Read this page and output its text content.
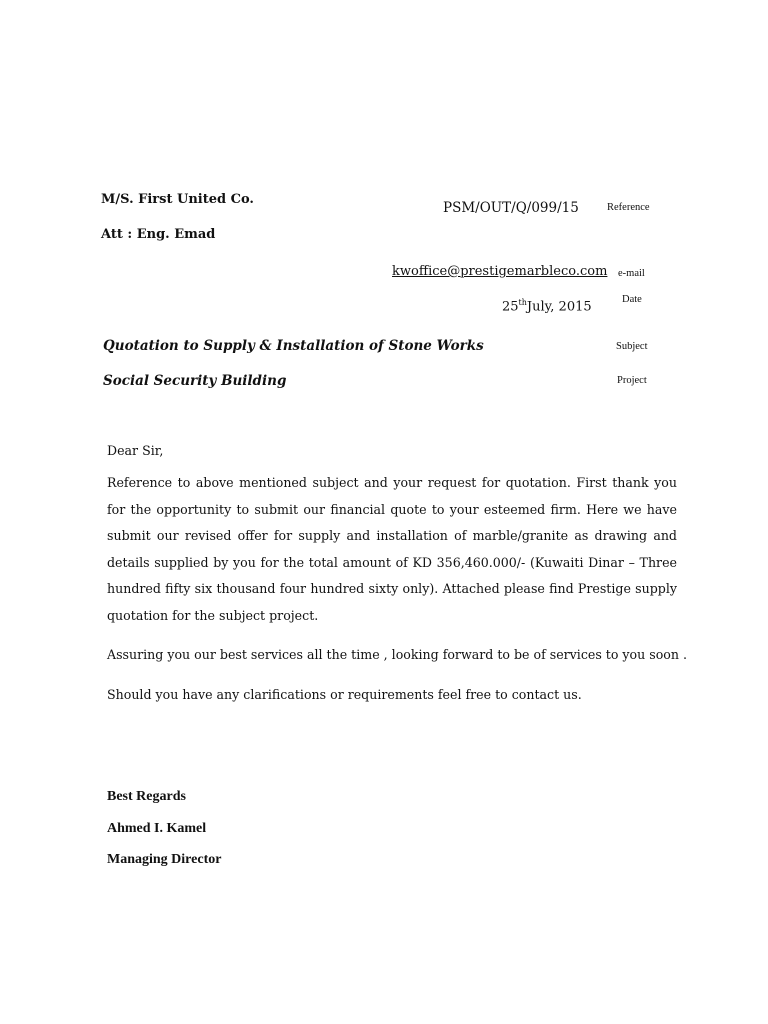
M/S. First United Co.
Att : Eng. Emad
PSM/OUT/Q/099/15	Reference
kwoffice@prestigemarbleco.com e-mail
25thJuly, 2015	Date
Quotation to Supply & Installation of Stone Works	Subject
Social Security Building	Project
Dear Sir,
Reference to above mentioned subject and your request for quotation. First thank you for the opportunity to submit our financial quote to your esteemed firm. Here we have submit our revised offer for supply and installation of marble/granite as drawing and details supplied by you for the total amount of KD 356,460.000/- (Kuwaiti Dinar – Three hundred fifty six thousand four hundred sixty only). Attached please find Prestige supply quotation for the subject project.
Assuring you our best services all the time , looking forward to be of services to you soon .
Should you have any clarifications or requirements feel free to contact us.
Best Regards
Ahmed I. Kamel
Managing Director
